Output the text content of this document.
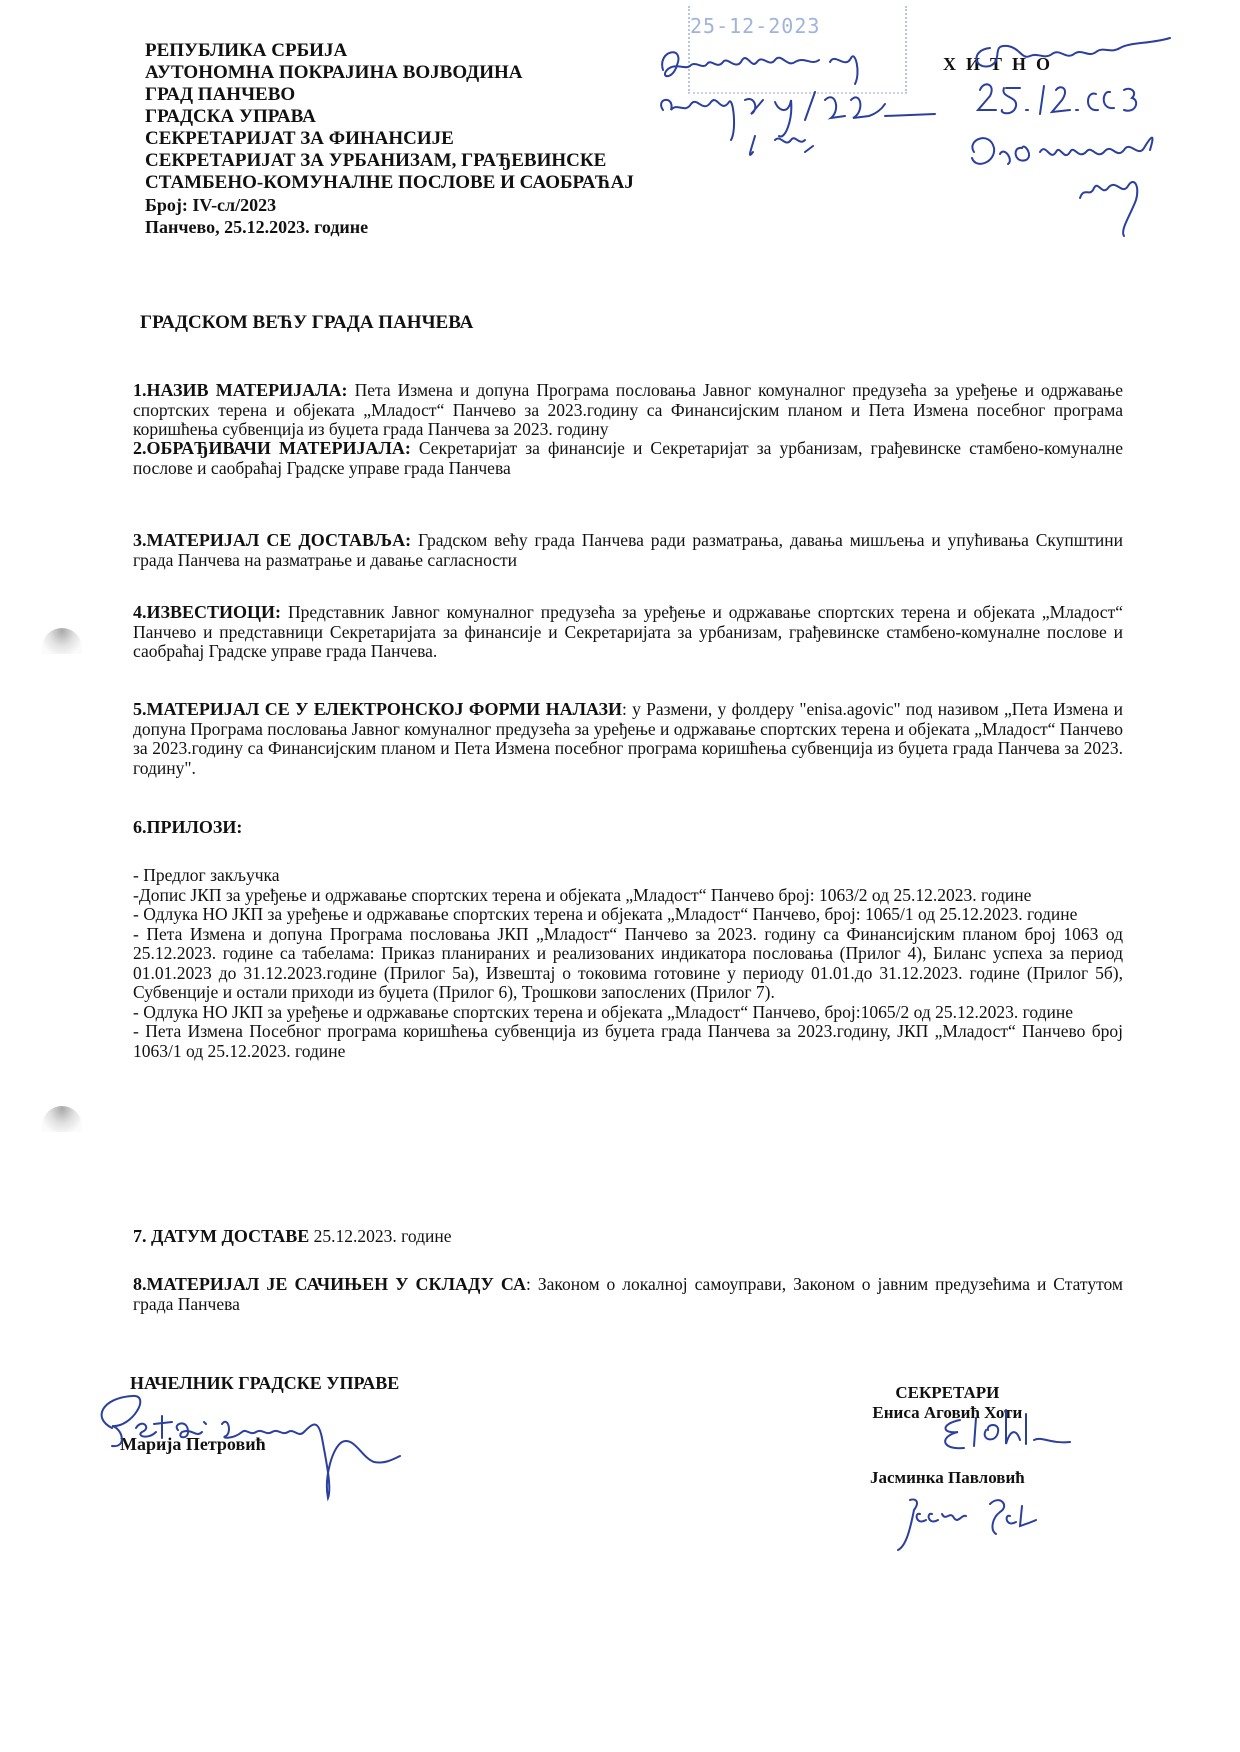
25-12-2023
РЕПУБЛИКА СРБИЈА
АУТОНОМНА ПОКРАЈИНА ВОЈВОДИНА
ГРАД ПАНЧЕВО
ГРАДСКА УПРАВА
СЕКРЕТАРИЈАТ ЗА ФИНАНСИЈЕ
СЕКРЕТАРИЈАТ ЗА УРБАНИЗАМ, ГРАЂЕВИНСКЕ
СТАМБЕНО-КОМУНАЛНЕ ПОСЛОВЕ И САОБРАЋАЈ
Број: IV-сл/2023
Панчево, 25.12.2023. године
ХИТНО
ГРАДСКОМ ВЕЋУ ГРАДА ПАНЧЕВА
1.НАЗИВ МАТЕРИЈАЛА: Пета Измена и допуна Програма пословања Јавног комуналног предузећа за уређење и одржавање спортских терена и објеката „Младост“ Панчево за 2023.годину са Финансијским планом и Пета Измена посебног програма коришћења субвенција из буџета града Панчева за 2023. годину
2.ОБРАЂИВАЧИ МАТЕРИЈАЛА: Секретаријат за финансије и Секретаријат за урбанизам, грађевинске стамбено-комуналне послове и саобраћај Градске управе града Панчева
3.МАТЕРИЈАЛ СЕ ДОСТАВЉА: Градском већу града Панчева ради разматрања, давања мишљења и упућивања Скупштини града Панчева на разматрање и давање сагласности
4.ИЗВЕСТИОЦИ: Представник Јавног комуналног предузећа за уређење и одржавање спортских терена и објеката „Младост“ Панчево и представници Секретаријата за финансије и Секретаријата за урбанизам, грађевинске стамбено-комуналне послове и саобраћај Градске управе града Панчева.
5.МАТЕРИЈАЛ СЕ У ЕЛЕКТРОНСКОЈ ФОРМИ НАЛАЗИ: у Размени, у фолдеру "enisa.agovic" под називом „Пета Измена и допуна Програма пословања Јавног комуналног предузећа за уређење и одржавање спортских терена и објеката „Младост“ Панчево за 2023.годину са Финансијским планом и Пета Измена посебног програма коришћења субвенција из буџета града Панчева за 2023. годину".
6.ПРИЛОЗИ:
- Предлог закључка
-Допис ЈКП за уређење и одржавање спортских терена и објеката „Младост“ Панчево број: 1063/2 од 25.12.2023. године
- Одлука НО ЈКП за уређење и одржавање спортских терена и објеката „Младост“ Панчево, број: 1065/1 од 25.12.2023. године
- Пета Измена и допуна Програма пословања ЈКП „Младост“ Панчево за 2023. годину са Финансијским планом број 1063 од 25.12.2023. године са табелама: Приказ планираних и реализованих индикатора пословања (Прилог 4), Биланс успеха за период 01.01.2023 до 31.12.2023.године (Прилог 5а), Извештај о токовима готовине у периоду 01.01.до 31.12.2023. године (Прилог 5б), Субвенције и остали приходи из буџета (Прилог 6), Трошкови запослених (Прилог 7).
- Одлука НО ЈКП за уређење и одржавање спортских терена и објеката „Младост“ Панчево, број:1065/2 од 25.12.2023. године
- Пета Измена Посебног програма коришћења субвенција из буџета града Панчева за 2023.годину, ЈКП „Младост“ Панчево број 1063/1 од 25.12.2023. године
7. ДАТУМ ДОСТАВЕ 25.12.2023. године
8.МАТЕРИЈАЛ ЈЕ САЧИЊЕН У СКЛАДУ СА: Законом о локалној самоуправи, Законом о јавним предузећима и Статутом града Панчева
НАЧЕЛНИК ГРАДСКЕ УПРАВЕ
Марија Петровић
СЕКРЕТАРИ
Ениса Аговић Хоти
Јасминка Павловић
